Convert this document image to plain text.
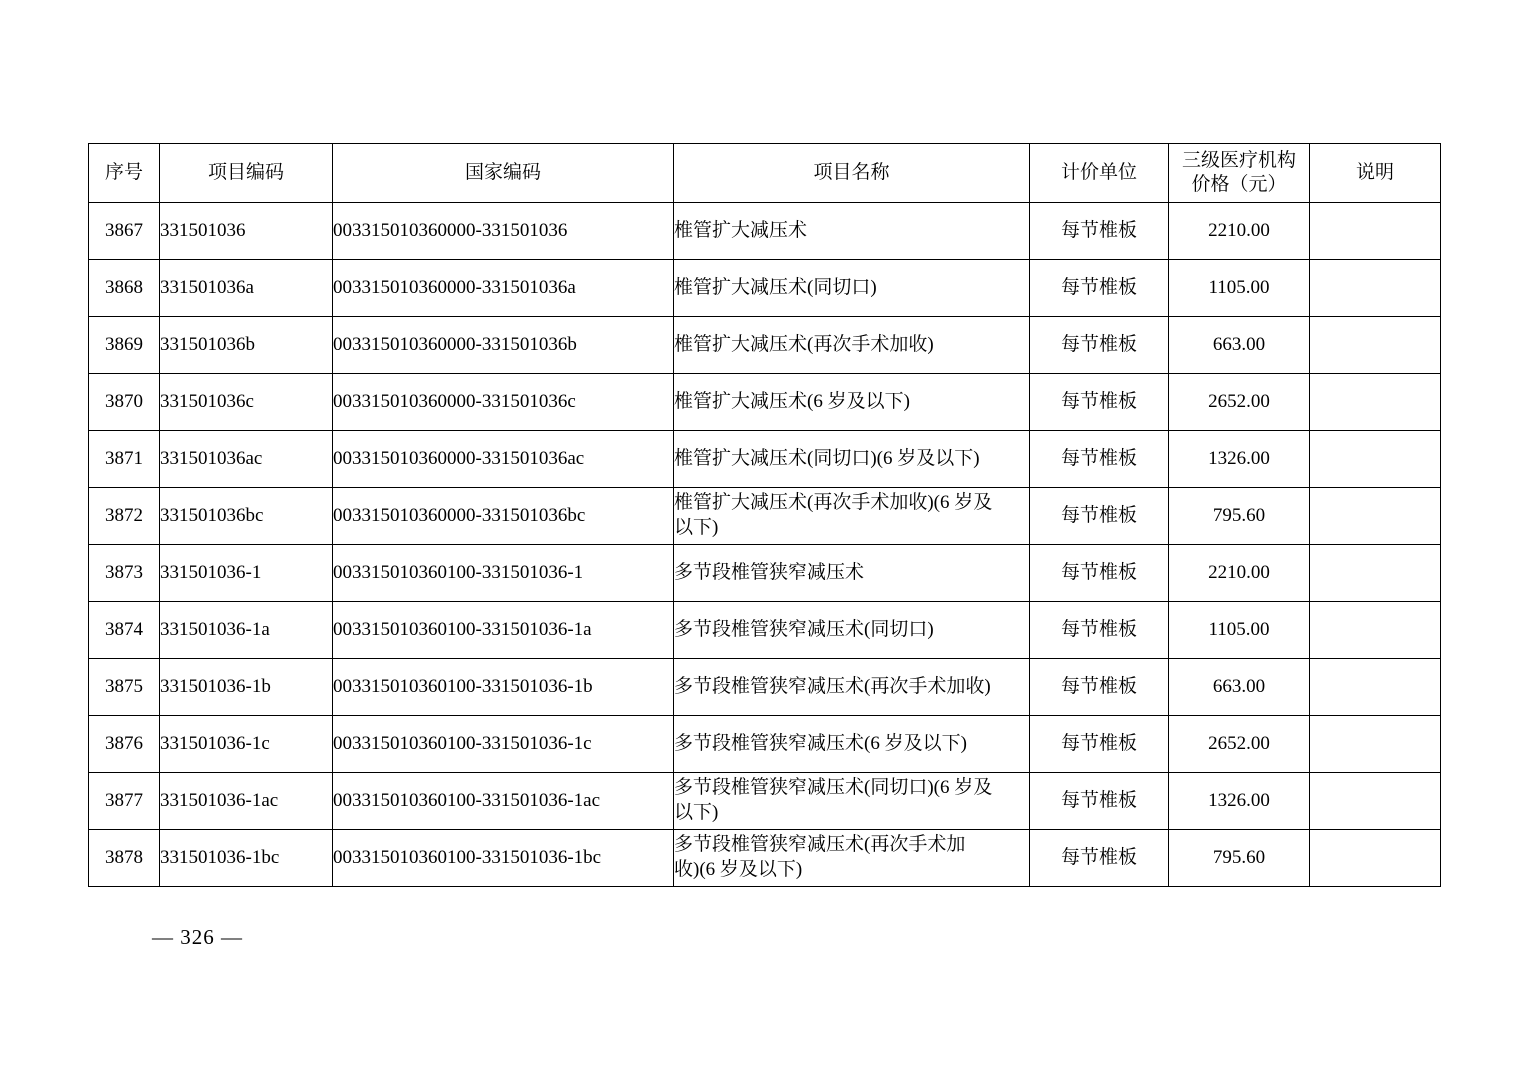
序号	项目编码	国家编码	项目名称	计价单位	三级医疗机构
价格（元）	说明

3867	331501036	003315010360000-331501036	椎管扩大减压术	每节椎板	2210.00	
3868	331501036a	003315010360000-331501036a	椎管扩大减压术(同切口)	每节椎板	1105.00	
3869	331501036b	003315010360000-331501036b	椎管扩大减压术(再次手术加收)	每节椎板	663.00	
3870	331501036c	003315010360000-331501036c	椎管扩大减压术(6 岁及以下)	每节椎板	2652.00	
3871	331501036ac	003315010360000-331501036ac	椎管扩大减压术(同切口)(6 岁及以下)	每节椎板	1326.00	
3872	331501036bc	003315010360000-331501036bc	椎管扩大减压术(再次手术加收)(6 岁及
以下)	每节椎板	795.60	
3873	331501036-1	003315010360100-331501036-1	多节段椎管狭窄减压术	每节椎板	2210.00	
3874	331501036-1a	003315010360100-331501036-1a	多节段椎管狭窄减压术(同切口)	每节椎板	1105.00	
3875	331501036-1b	003315010360100-331501036-1b	多节段椎管狭窄减压术(再次手术加收)	每节椎板	663.00	
3876	331501036-1c	003315010360100-331501036-1c	多节段椎管狭窄减压术(6 岁及以下)	每节椎板	2652.00	
3877	331501036-1ac	003315010360100-331501036-1ac	多节段椎管狭窄减压术(同切口)(6 岁及
以下)	每节椎板	1326.00	
3878	331501036-1bc	003315010360100-331501036-1bc	多节段椎管狭窄减压术(再次手术加
收)(6 岁及以下)	每节椎板	795.60	
— 326 —
